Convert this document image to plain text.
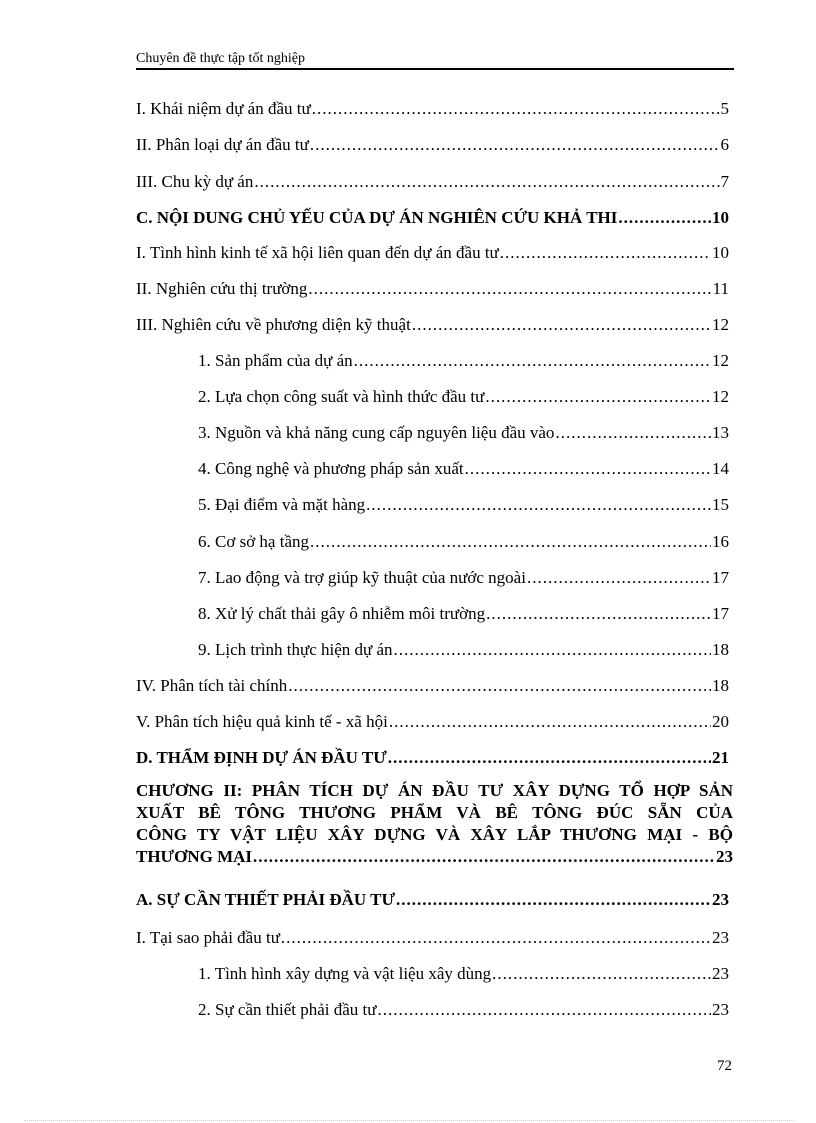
Chuyên đề thực tập tốt nghiệp
I. Khái niệm dự án đầu tư .....	5
II. Phân loại dự án đầu tư .....	6
III. Chu kỳ dự án .....	7
C. NỘI DUNG CHỦ YẾU CỦA DỰ ÁN NGHIÊN CỨU KHẢ THI .....	10
I. Tình hình kinh tế xã hội liên quan đến dự án đầu tư .....	10
II. Nghiên cứu thị trường .....	11
III. Nghiên cứu về phương diện kỹ thuật .....	12
1. Sản phẩm của dự án .....	12
2. Lựa chọn công suất và hình thức đầu tư .....	12
3. Nguồn và khả năng cung cấp nguyên liệu đầu vào .....	13
4. Công nghệ và phương pháp sản xuất .....	14
5. Đại điểm và mặt hàng .....	15
6. Cơ sở hạ tầng .....	16
7. Lao động và trợ giúp kỹ thuật của nước ngoài .....	17
8. Xử lý chất thải gây ô nhiễm môi trường .....	17
9. Lịch trình thực hiện dự án .....	18
IV. Phân tích tài chính .....	18
V. Phân tích hiệu quả kinh tế - xã hội .....	20
D. THẨM ĐỊNH DỰ ÁN ĐẦU TƯ .....	21
CHƯƠNG II: PHÂN TÍCH DỰ ÁN ĐẦU TƯ XÂY DỰNG TỔ HỢP SẢN
XUẤT BÊ TÔNG THƯƠNG PHẨM VÀ BÊ TÔNG ĐÚC SẴN CỦA
CÔNG TY VẬT LIỆU XÂY DỰNG VÀ XÂY LẮP THƯƠNG MẠI - BỘ
THƯƠNG MẠI .....	23
A. SỰ CẦN THIẾT PHẢI ĐẦU TƯ .....	23
I. Tại sao phải đầu tư .....	23
1. Tình hình xây dựng và vật liệu xây dùng .....	23
2. Sự cần thiết phải đầu tư .....	23
72
